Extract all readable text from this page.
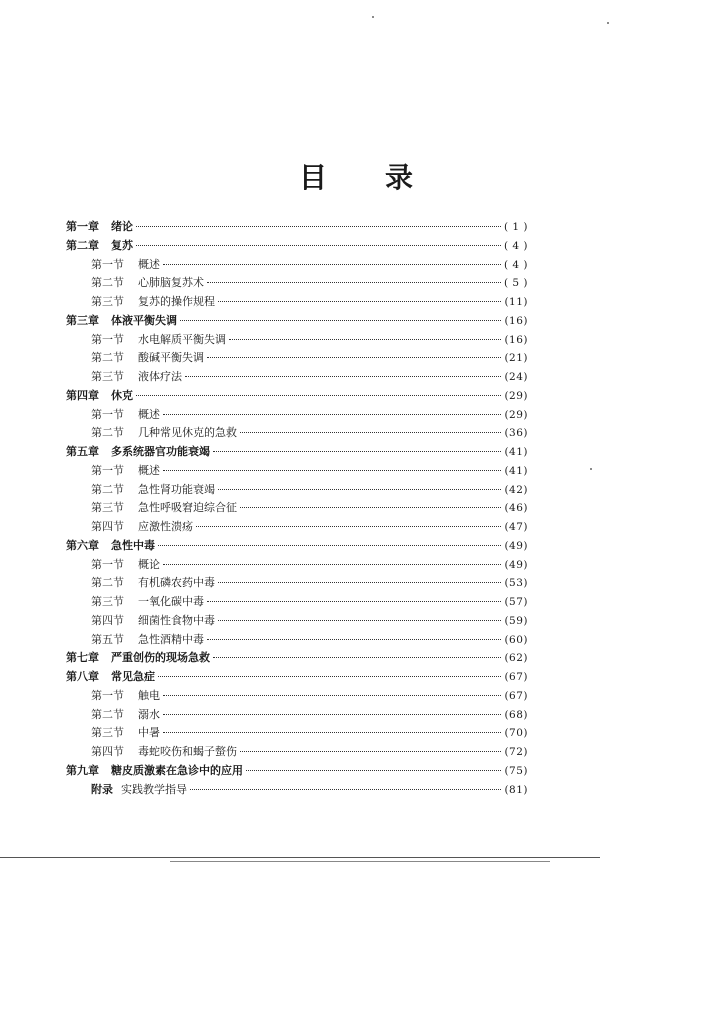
目 录
第一章 绪论	( 1 )
第二章 复苏	( 4 )
第一节 概述	( 4 )
第二节 心肺脑复苏术	( 5 )
第三节 复苏的操作规程	(11)
第三章 体液平衡失调	(16)
第一节 水电解质平衡失调	(16)
第二节 酸碱平衡失调	(21)
第三节 液体疗法	(24)
第四章 休克	(29)
第一节 概述	(29)
第二节 几种常见休克的急救	(36)
第五章 多系统器官功能衰竭	(41)
第一节 概述	(41)
第二节 急性肾功能衰竭	(42)
第三节 急性呼吸窘迫综合征	(46)
第四节 应激性溃疡	(47)
第六章 急性中毒	(49)
第一节 概论	(49)
第二节 有机磷农药中毒	(53)
第三节 一氧化碳中毒	(57)
第四节 细菌性食物中毒	(59)
第五节 急性酒精中毒	(60)
第七章 严重创伤的现场急救	(62)
第八章 常见急症	(67)
第一节 触电	(67)
第二节 溺水	(68)
第三节 中暑	(70)
第四节 毒蛇咬伤和蝎子螫伤	(72)
第九章 糖皮质激素在急诊中的应用	(75)
附录 实践教学指导	(81)
